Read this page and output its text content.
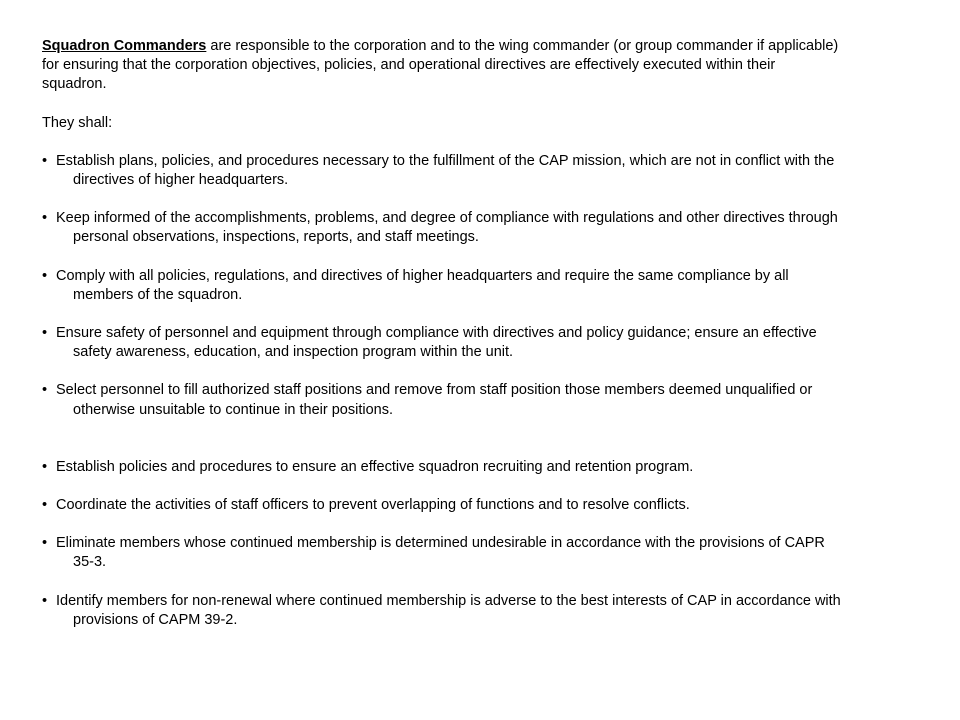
Squadron Commanders are responsible to the corporation and to the wing commander (or group commander if applicable) for ensuring that the corporation objectives, policies, and operational directives are effectively executed within their squadron.

They shall:

• Establish plans, policies, and procedures necessary to the fulfillment of the CAP mission, which are not in conflict with the directives of higher headquarters.
• Keep informed of the accomplishments, problems, and degree of compliance with regulations and other directives through personal observations, inspections, reports, and staff meetings.
• Comply with all policies, regulations, and directives of higher headquarters and require the same compliance by all members of the squadron.
• Ensure safety of personnel and equipment through compliance with directives and policy guidance; ensure an effective safety awareness, education, and inspection program within the unit.
• Select personnel to fill authorized staff positions and remove from staff position those members deemed unqualified or otherwise unsuitable to continue in their positions.
• Establish policies and procedures to ensure an effective squadron recruiting and retention program.
• Coordinate the activities of staff officers to prevent overlapping of functions and to resolve conflicts.
• Eliminate members whose continued membership is determined undesirable in accordance with the provisions of CAPR 35-3.
• Identify members for non-renewal where continued membership is adverse to the best interests of CAP in accordance with provisions of CAPM 39-2.
